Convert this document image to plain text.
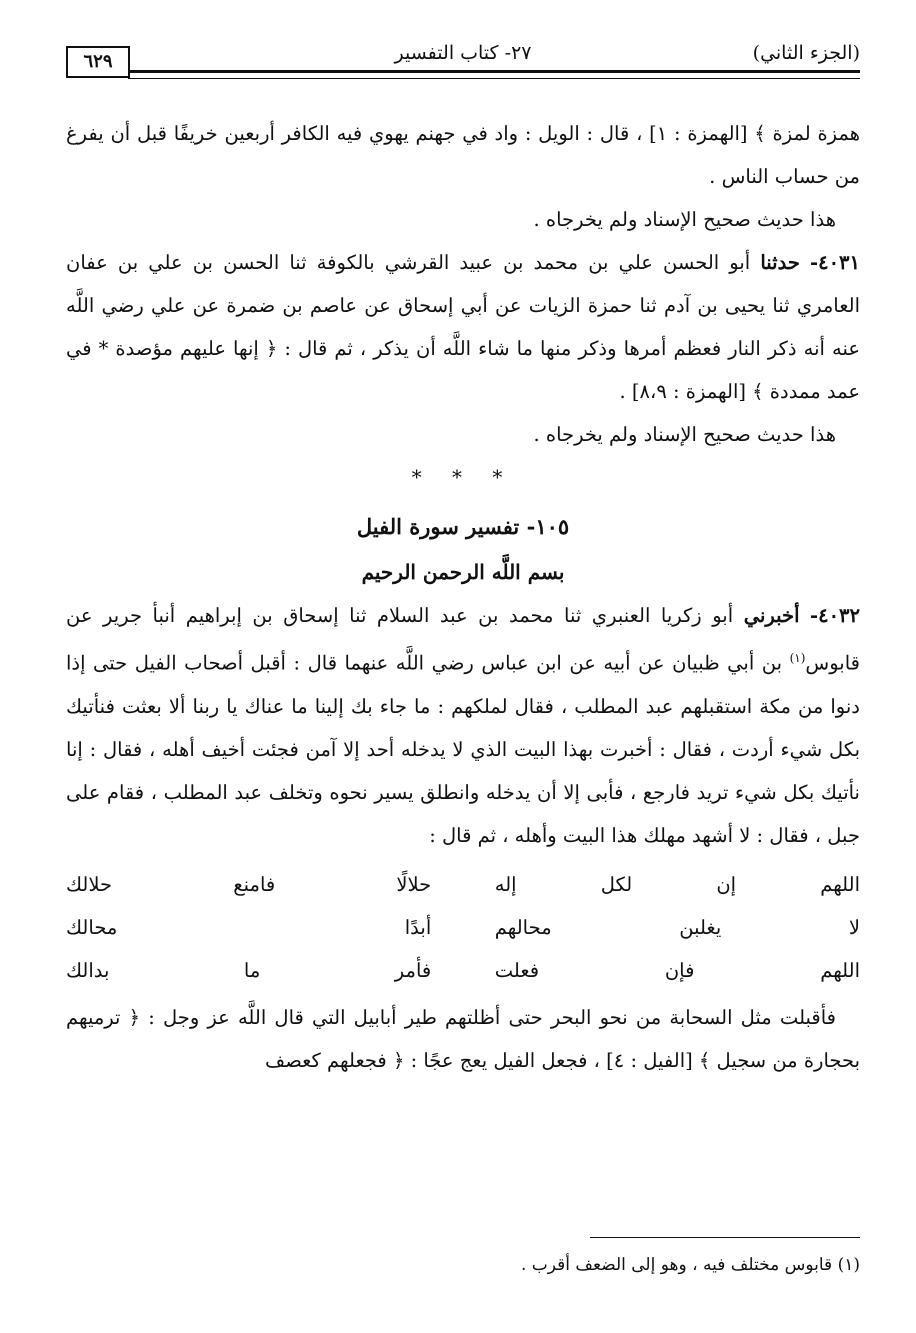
٦٢٩	٢٧- كتاب التفسير	(الجزء الثاني)

همزة لمزة ﴾ [الهمزة : ١] ، قال : الويل : واد في جهنم يهوي فيه الكافر أربعين خريفًا قبل أن يفرغ من حساب الناس .

هذا حديث صحيح الإسناد ولم يخرجاه .

٤٠٣١- حدثنا أبو الحسن علي بن محمد بن عبيد القرشي بالكوفة ثنا الحسن بن علي بن عفان العامري ثنا يحيى بن آدم ثنا حمزة الزيات عن أبي إسحاق عن عاصم بن ضمرة عن علي رضي اللَّه عنه أنه ذكر النار فعظم أمرها وذكر منها ما شاء اللَّه أن يذكر ، ثم قال : ﴿ إنها عليهم مؤصدة * في عمد ممددة ﴾ [الهمزة : ٨،٩] .

هذا حديث صحيح الإسناد ولم يخرجاه .

* * *
١٠٥- تفسير سورة الفيل
بسم اللَّه الرحمن الرحيم

٤٠٣٢- أخبرني أبو زكريا العنبري ثنا محمد بن عبد السلام ثنا إسحاق بن إبراهيم أنبأ جرير عن قابوس$^{(١)}$ بن أبي ظبيان عن أبيه عن ابن عباس رضي اللَّه عنهما قال : أقبل أصحاب الفيل حتى إذا دنوا من مكة استقبلهم عبد المطلب ، فقال لملكهم : ما جاء بك إلينا ما عناك يا ربنا ألا بعثت فنأتيك بكل شيء أردت ، فقال : أخبرت بهذا البيت الذي لا يدخله أحد إلا آمن فجئت أخيف أهله ، فقال : إنا نأتيك بكل شيء تريد فارجع ، فأبى إلا أن يدخله وانطلق يسير نحوه وتخلف عبد المطلب ، فقام على جبل ، فقال : لا أشهد مهلك هذا البيت وأهله ، ثم قال :

اللهم إن لكل إله
حلالًا فامنع حلالك
لا يغلبن محالهم
أبدًا محالك
اللهم فإن فعلت
فأمر ما بدالك

فأقبلت مثل السحابة من نحو البحر حتى أظلتهم طير أبابيل التي قال اللَّه عز وجل : ﴿ ترميهم بحجارة من سجيل ﴾ [الفيل : ٤] ، فجعل الفيل يعج عجًا : ﴿ فجعلهم كعصف

(١) قابوس مختلف فيه ، وهو إلى الضعف أقرب .
